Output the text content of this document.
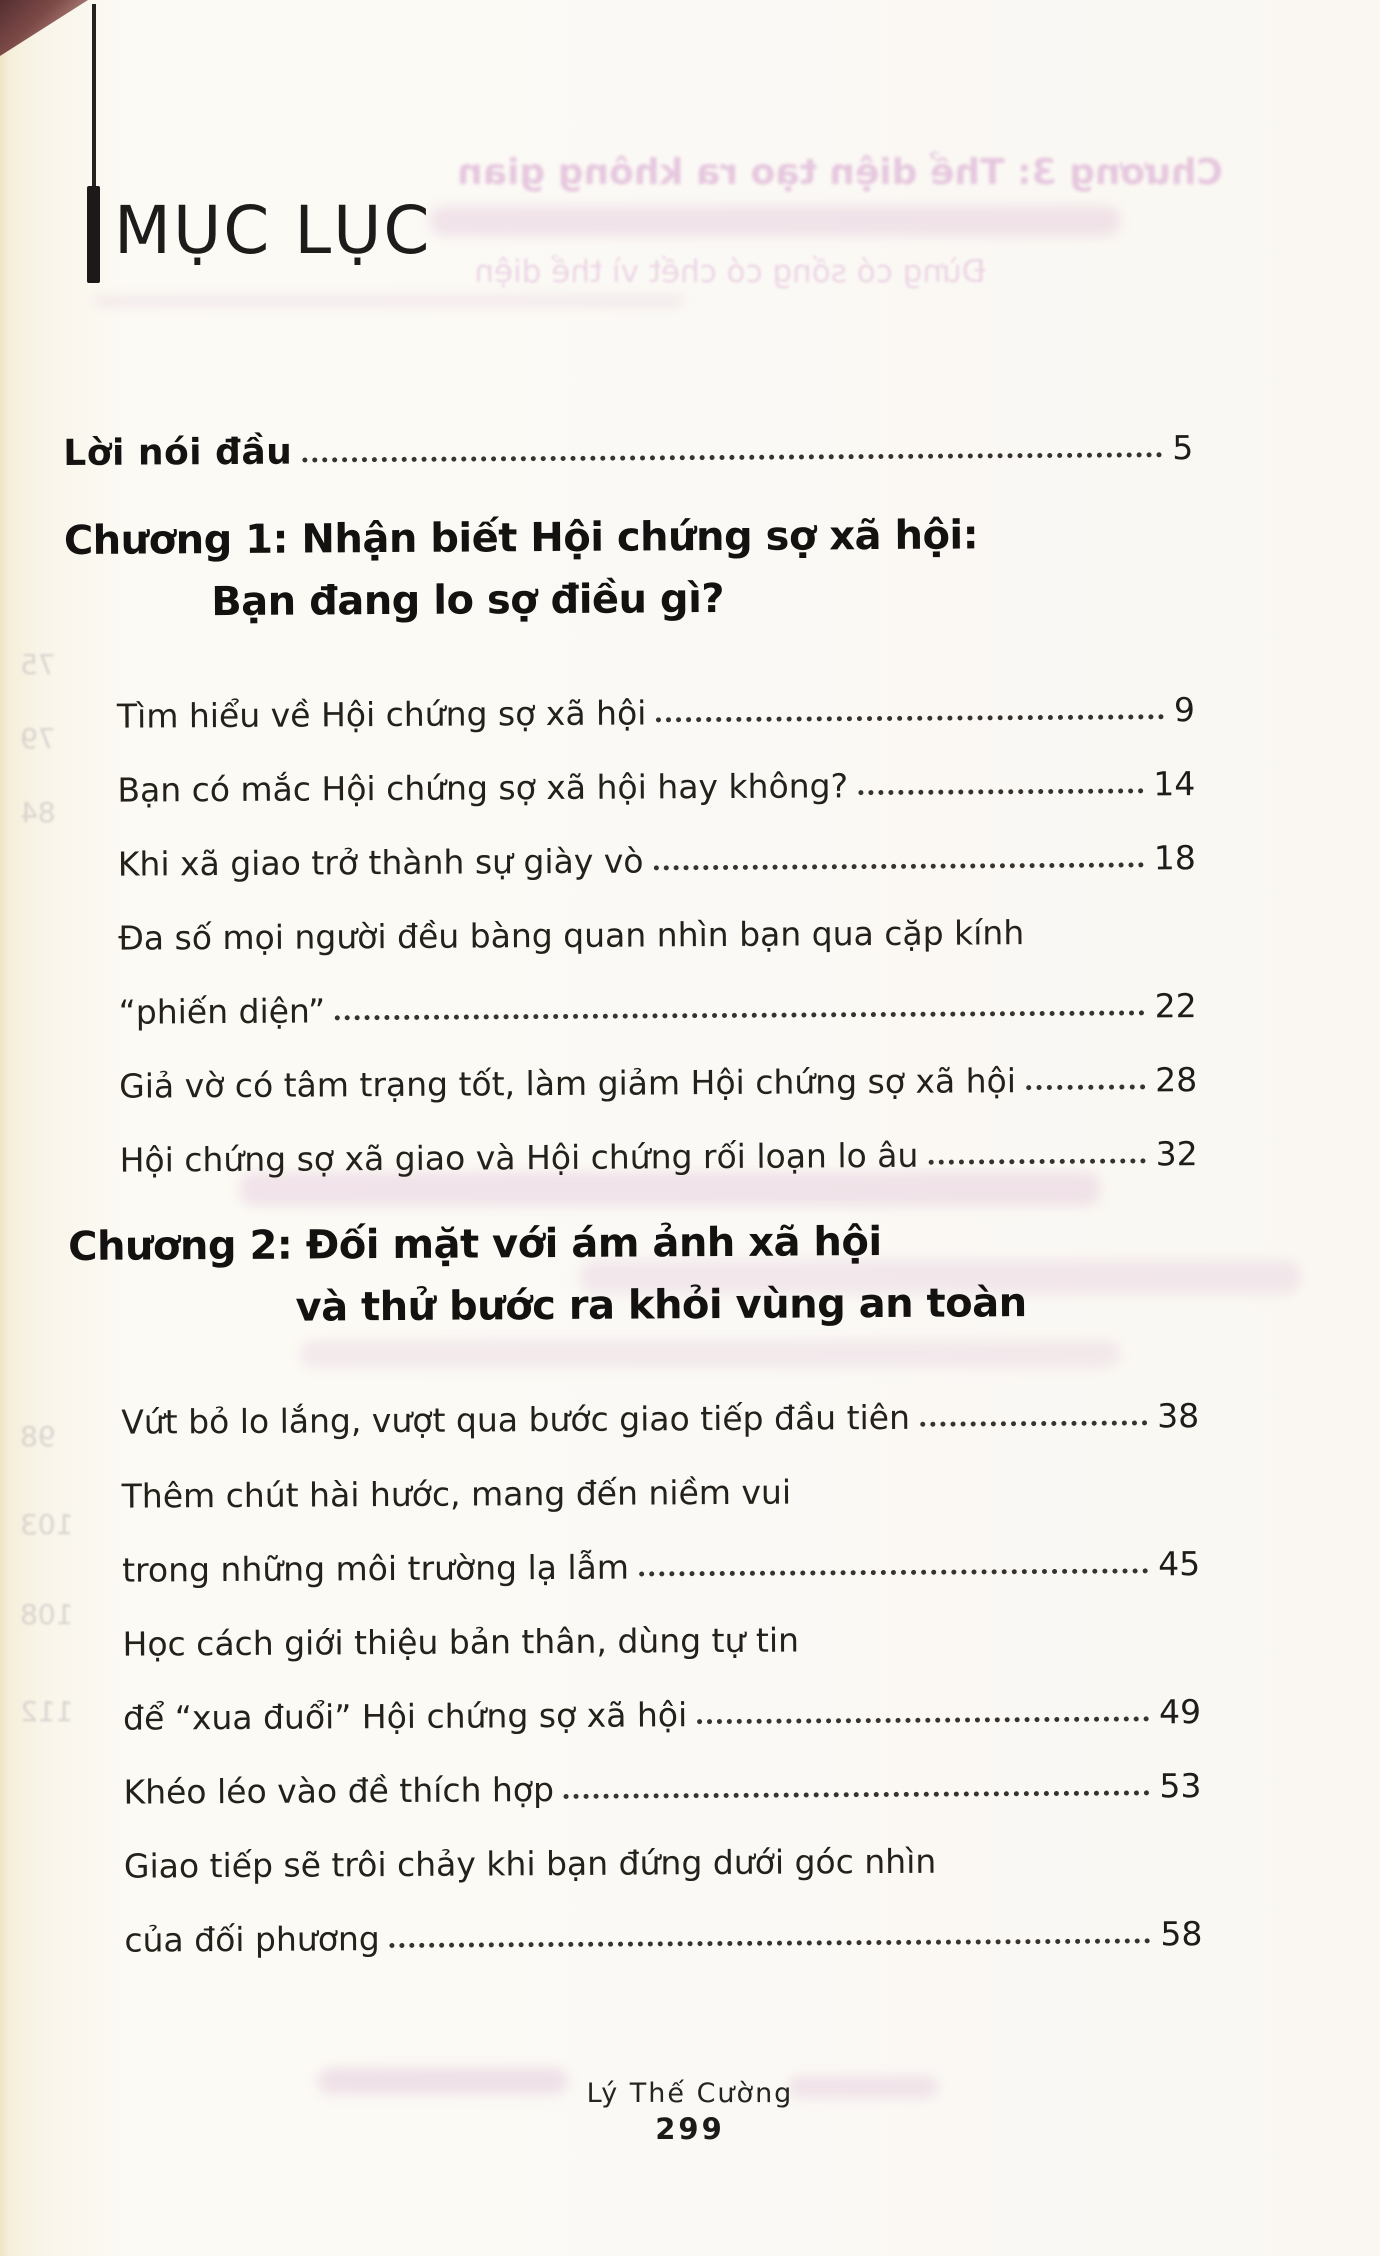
Chương 3: Thể diện tạo ra không gian
Đừng có sống có chết vì thể diện
MỤC LỤC
Lời nói đầu	5
Chương 1: Nhận biết Hội chứng sợ xã hội:
Bạn đang lo sợ điều gì?
Tìm hiểu về Hội chứng sợ xã hội	9
Bạn có mắc Hội chứng sợ xã hội hay không?	14
Khi xã giao trở thành sự giày vò	18
Đa số mọi người đều bàng quan nhìn bạn qua cặp kính
“phiến diện”	22
Giả vờ có tâm trạng tốt, làm giảm Hội chứng sợ xã hội	28
Hội chứng sợ xã giao và Hội chứng rối loạn lo âu	32
Chương 2: Đối mặt với ám ảnh xã hội
và thử bước ra khỏi vùng an toàn
Vứt bỏ lo lắng, vượt qua bước giao tiếp đầu tiên	38
Thêm chút hài hước, mang đến niềm vui
trong những môi trường lạ lẫm	45
Học cách giới thiệu bản thân, dùng tự tin
để “xua đuổi” Hội chứng sợ xã hội	49
Khéo léo vào đề thích hợp	53
Giao tiếp sẽ trôi chảy khi bạn đứng dưới góc nhìn
của đối phương	58
Lý Thế Cường
299
75
79
84
98
103
108
112
